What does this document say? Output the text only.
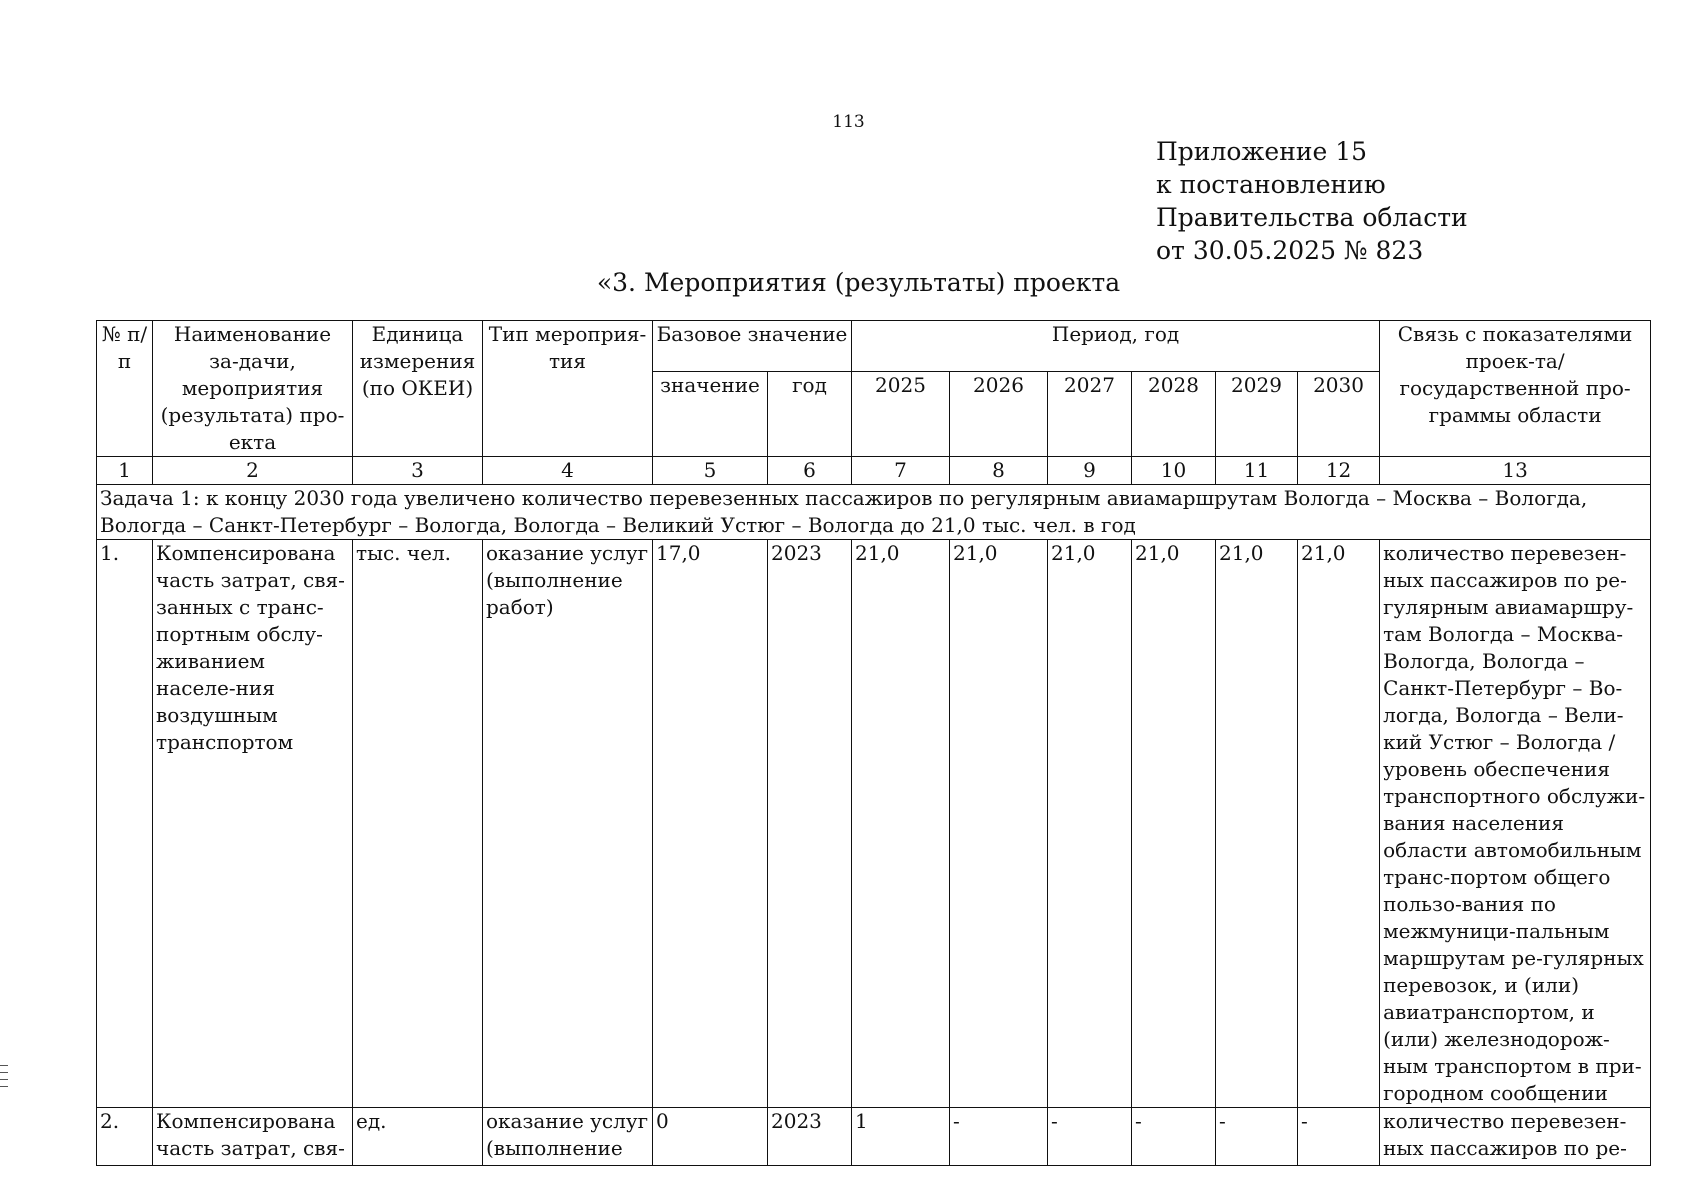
113
Приложение 15
к постановлению
Правительства области
от 30.05.2025 № 823
«3. Мероприятия (результаты) проекта
№ п/п	Наименование за-дачи, мероприятия (результата) про-екта	Единица измерения (по ОКЕИ)	Тип мероприя-тия	Базовое значение		Период, год						Связь с показателями проек-та/государственной про-граммы области
				значение	год	2025	2026	2027	2028	2029	2030	
1	2	3	4	5	6	7	8	9	10	11	12	13
Задача 1: к концу 2030 года увеличено количество перевезенных пассажиров по регулярным авиамаршрутам Вологда – Москва – Вологда, Вологда – Санкт-Петербург – Вологда, Вологда – Великий Устюг – Вологда до 21,0 тыс. чел. в год												
1.	Компенсирована часть затрат, свя-занных с транс-портным обслу-живанием населе-ния воздушным транспортом	тыс. чел.	оказание услуг (выполнение работ)	17,0	2023	21,0	21,0	21,0	21,0	21,0	21,0	количество перевезен-ных пассажиров по ре-гулярным авиамаршру-там Вологда – Москва-Вологда, Вологда – Санкт-Петербург – Во-логда, Вологда – Вели-кий Устюг – Вологда / уровень обеспечения транспортного обслужи-вания населения области автомобильным транс-портом общего пользо-вания по межмуници-пальным маршрутам ре-гулярных перевозок, и (или) авиатранспортом, и (или) железнодорож-ным транспортом в при-городном сообщении
2.	Компенсирована часть затрат, свя-	ед.	оказание услуг (выполнение	0	2023	1	-	-	-	-	-	количество перевезен-ных пассажиров по ре-
